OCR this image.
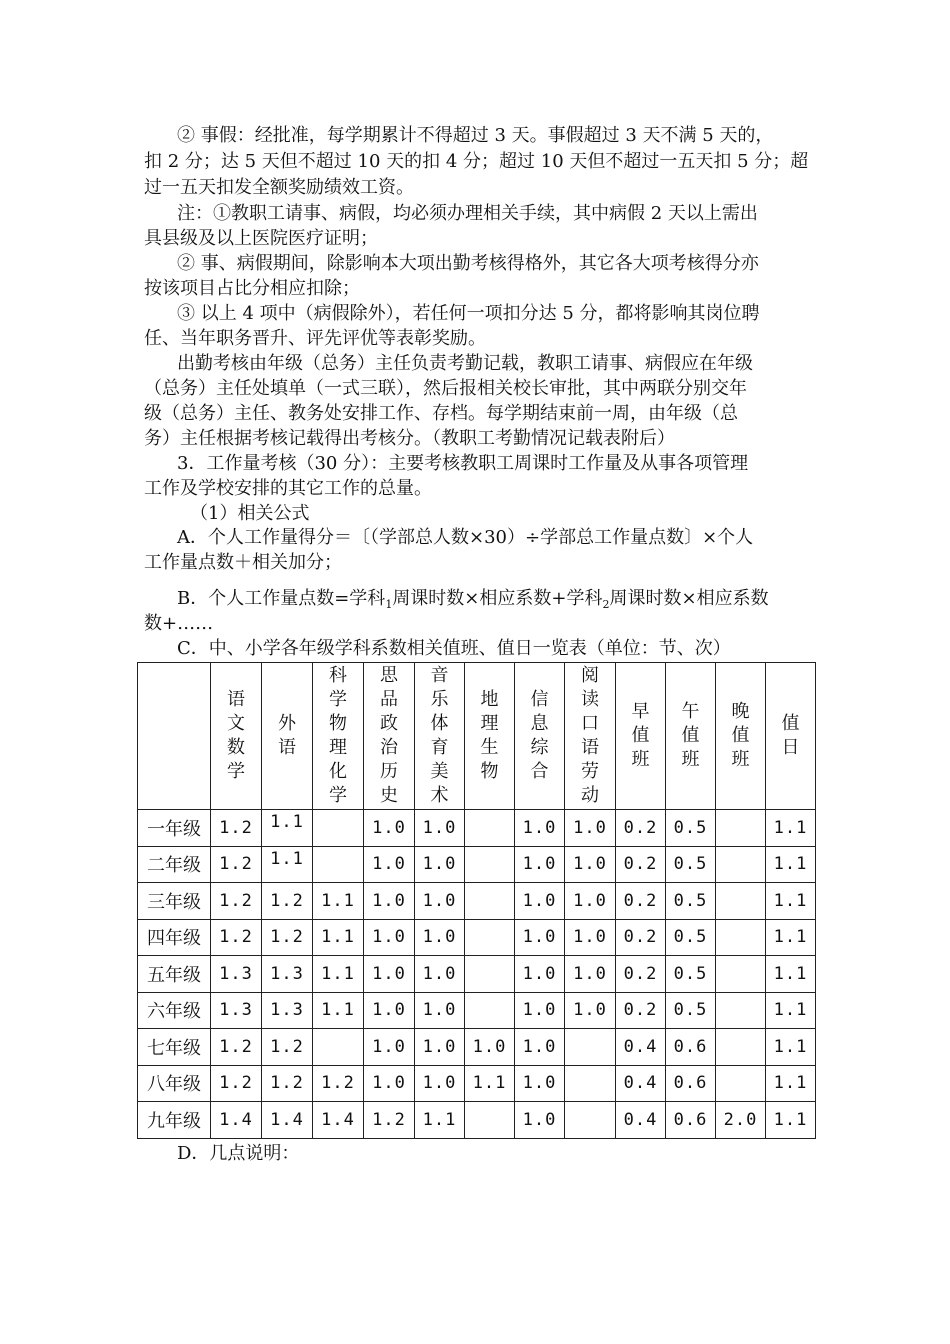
② 事假：经批准，每学期累计不得超过 3 天。事假超过 3 天不满 5 天的，
扣 2 分；达 5 天但不超过 10 天的扣 4 分；超过 10 天但不超过一五天扣 5 分；超
过一五天扣发全额奖励绩效工资。
注：①教职工请事、病假，均必须办理相关手续，其中病假 2 天以上需出
具县级及以上医院医疗证明；
② 事、病假期间，除影响本大项出勤考核得格外，其它各大项考核得分亦
按该项目占比分相应扣除；
③ 以上 4 项中（病假除外），若任何一项扣分达 5 分，都将影响其岗位聘
任、当年职务晋升、评先评优等表彰奖励。
出勤考核由年级（总务）主任负责考勤记载，教职工请事、病假应在年级
（总务）主任处填单（一式三联），然后报相关校长审批，其中两联分别交年
级（总务）主任、教务处安排工作、存档。每学期结束前一周，由年级（总
务）主任根据考核记载得出考核分。（教职工考勤情况记载表附后）
3．工作量考核（30 分）：主要考核教职工周课时工作量及从事各项管理
工作及学校安排的其它工作的总量。
（1）相关公式
A．个人工作量得分＝〔（学部总人数×30）÷学部总工作量点数〕×个人
工作量点数＋相关加分；
B．个人工作量点数=学科$_1$周课时数×相应系数+学科$_2$周课时数×相应系数
数+……
C．中、小学各年级学科系数相关值班、值日一览表（单位：节、次）
	语文数学	外语	科学物理化学	思品政治历史	音乐体育美术	地理生物	信息综合	阅读口语劳动	早值班	午值班	晚值班	值日
一年级	1.2	1.1		1.0	1.0		1.0	1.0	0.2	0.5		1.1
二年级	1.2	1.1		1.0	1.0		1.0	1.0	0.2	0.5		1.1
三年级	1.2	1.2	1.1	1.0	1.0		1.0	1.0	0.2	0.5		1.1
四年级	1.2	1.2	1.1	1.0	1.0		1.0	1.0	0.2	0.5		1.1
五年级	1.3	1.3	1.1	1.0	1.0		1.0	1.0	0.2	0.5		1.1
六年级	1.3	1.3	1.1	1.0	1.0		1.0	1.0	0.2	0.5		1.1
七年级	1.2	1.2		1.0	1.0	1.0	1.0		0.4	0.6		1.1
八年级	1.2	1.2	1.2	1.0	1.0	1.1	1.0		0.4	0.6		1.1
九年级	1.4	1.4	1.4	1.2	1.1		1.0		0.4	0.6	2.0	1.1
D．几点说明：
